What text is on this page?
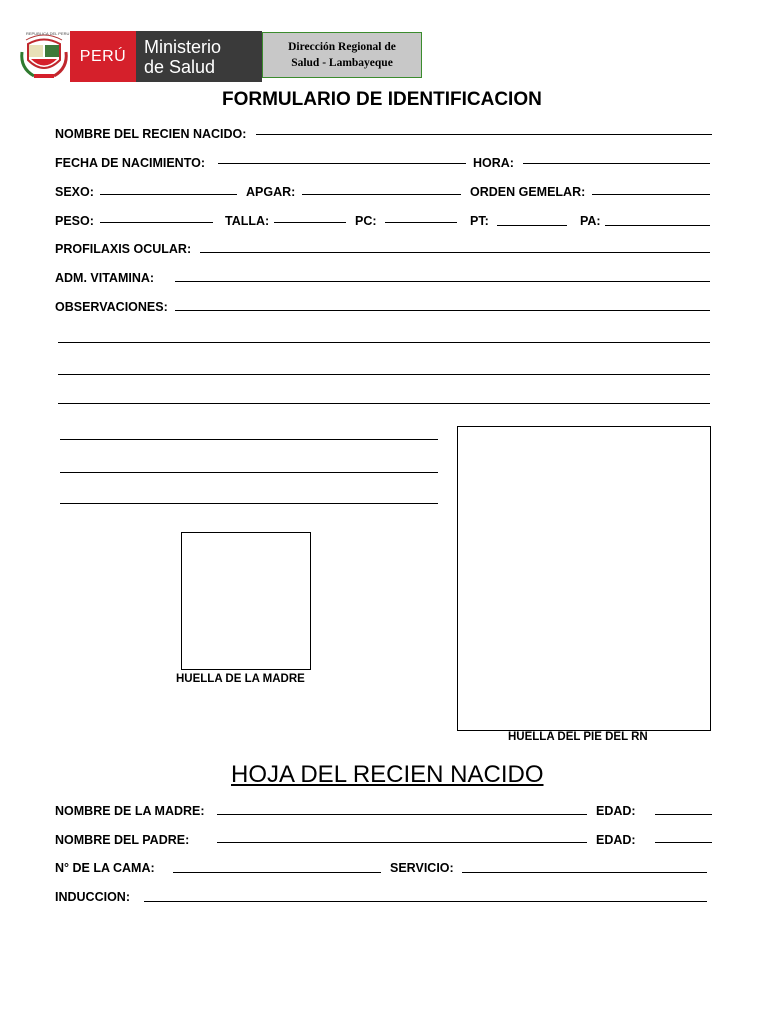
REPUBLICA DEL PERU
PERÚ Ministerio
de Salud
Dirección Regional de
Salud - Lambayeque
FORMULARIO DE IDENTIFICACION
NOMBRE DEL RECIEN NACIDO:
FECHA DE NACIMIENTO:	HORA:
SEXO:	APGAR:	ORDEN GEMELAR:
PESO:	TALLA:	PC:	PT:	PA:
PROFILAXIS OCULAR:
ADM. VITAMINA:
OBSERVACIONES:
HUELLA DEL PIE DEL RN
HUELLA DE LA MADRE
HOJA DEL RECIEN NACIDO
NOMBRE DE LA MADRE:	EDAD:
NOMBRE DEL PADRE:	EDAD:
N° DE LA CAMA:	SERVICIO:
INDUCCION:
